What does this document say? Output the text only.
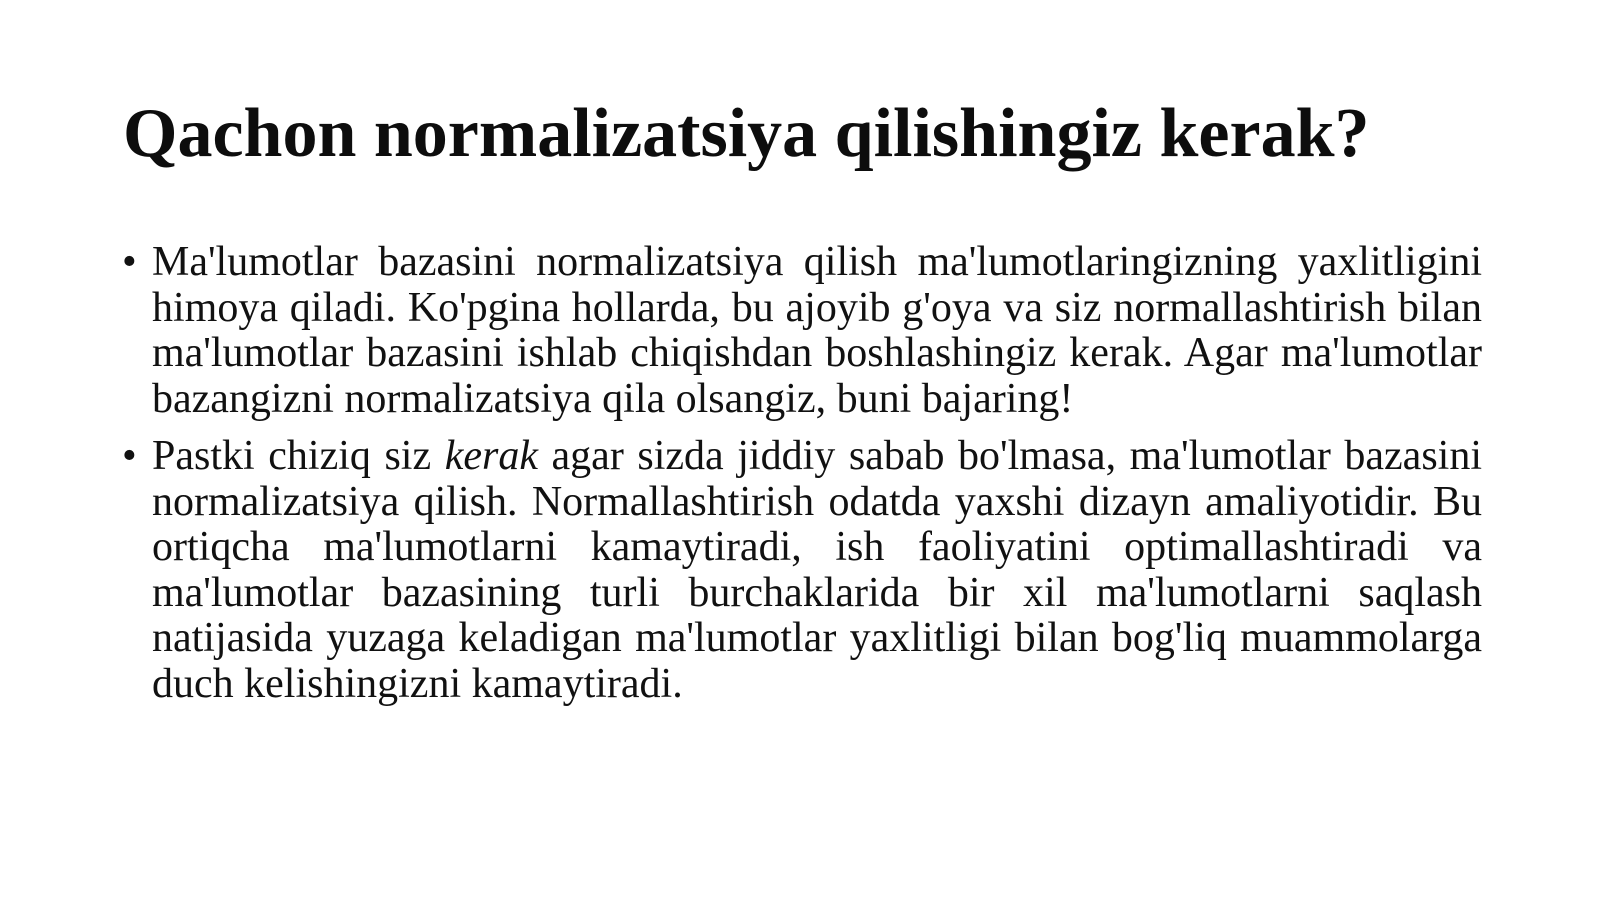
Qachon normalizatsiya qilishingiz kerak?
• Ma'lumotlar bazasini normalizatsiya qilish ma'lumotlaringizning yaxlitligini himoya qiladi. Ko'pgina hollarda, bu ajoyib g'oya va siz normallashtirish bilan ma'lumotlar bazasini ishlab chiqishdan boshlashingiz kerak. Agar ma'lumotlar bazangizni normalizatsiya qila olsangiz, buni bajaring!
• Pastki chiziq siz kerak agar sizda jiddiy sabab bo'lmasa, ma'lumotlar bazasini normalizatsiya qilish. Normallashtirish odatda yaxshi dizayn amaliyotidir. Bu ortiqcha ma'lumotlarni kamaytiradi, ish faoliyatini optimallashtiradi va ma'lumotlar bazasining turli burchaklarida bir xil ma'lumotlarni saqlash natijasida yuzaga keladigan ma'lumotlar yaxlitligi bilan bog'liq muammolarga duch kelishingizni kamaytiradi.
